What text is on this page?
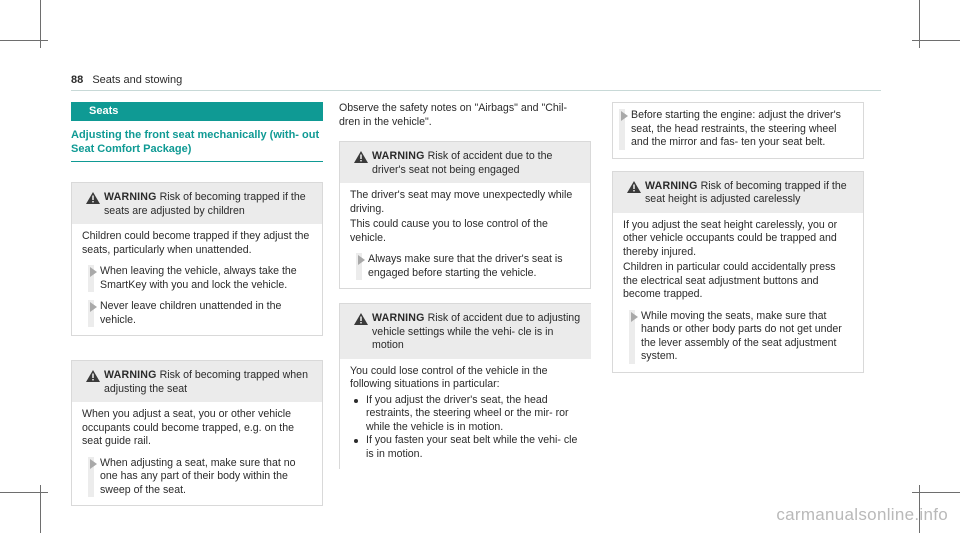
88 Seats and stowing
Seats
Adjusting the front seat mechanically (with- out Seat Comfort Package)
WARNING Risk of becoming trapped if the seats are adjusted by children

Children could become trapped if they adjust the seats, particularly when unattended.

When leaving the vehicle, always take the SmartKey with you and lock the vehicle.
Never leave children unattended in the vehicle.
WARNING Risk of becoming trapped when adjusting the seat

When you adjust a seat, you or other vehicle occupants could become trapped, e.g. on the seat guide rail.

When adjusting a seat, make sure that no one has any part of their body within the sweep of the seat.

Observe the safety notes on "Airbags" and "Chil- dren in the vehicle".

WARNING Risk of accident due to the driver's seat not being engaged

The driver's seat may move unexpectedly while driving.

This could cause you to lose control of the vehicle.

Always make sure that the driver's seat is engaged before starting the vehicle.
WARNING Risk of accident due to adjusting vehicle settings while the vehi- cle is in motion

You could lose control of the vehicle in the following situations in particular:

If you adjust the driver's seat, the head restraints, the steering wheel or the mir- ror while the vehicle is in motion.
If you fasten your seat belt while the vehi- cle is in motion.
Before starting the engine: adjust the driver's seat, the head restraints, the steering wheel and the mirror and fas- ten your seat belt.
WARNING Risk of becoming trapped if the seat height is adjusted carelessly

If you adjust the seat height carelessly, you or other vehicle occupants could be trapped and thereby injured.

Children in particular could accidentally press the electrical seat adjustment buttons and become trapped.

While moving the seats, make sure that hands or other body parts do not get under the lever assembly of the seat adjustment system.
carmanualsonline.info
